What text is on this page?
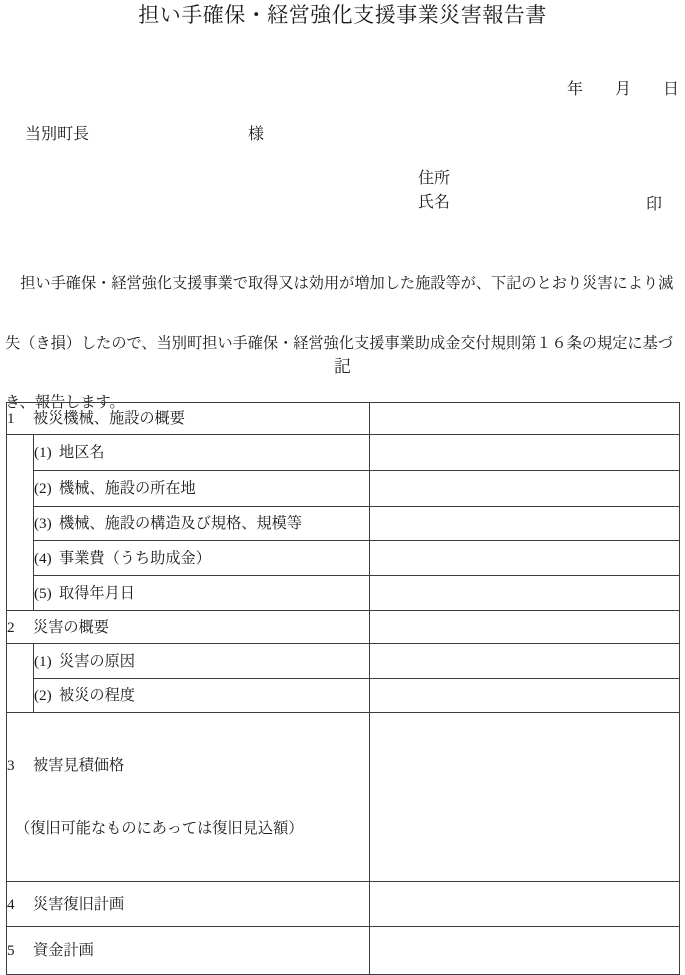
担い手確保・経営強化支援事業災害報告書
年　　月　　日
当別町長	様
住所
氏名	印

　担い手確保・経営強化支援事業で取得又は効用が増加した施設等が、下記のとおり災害により滅

失（き損）したので、当別町担い手確保・経営強化支援事業助成金交付規則第１６条の規定に基づ

き、報告します。

記
1 被災機械、施設の概要		
	(1) 地区名	
	(2) 機械、施設の所在地	
	(3) 機械、施設の構造及び規格、規模等	
	(4) 事業費（うち助成金）	
	(5) 取得年月日	
2 災害の概要		
	(1) 災害の原因	
	(2) 被災の程度	

3 被害見積価格

（復旧可能なものにあっては復旧見込額）		

4 災害復旧計画		
5 資金計画		
